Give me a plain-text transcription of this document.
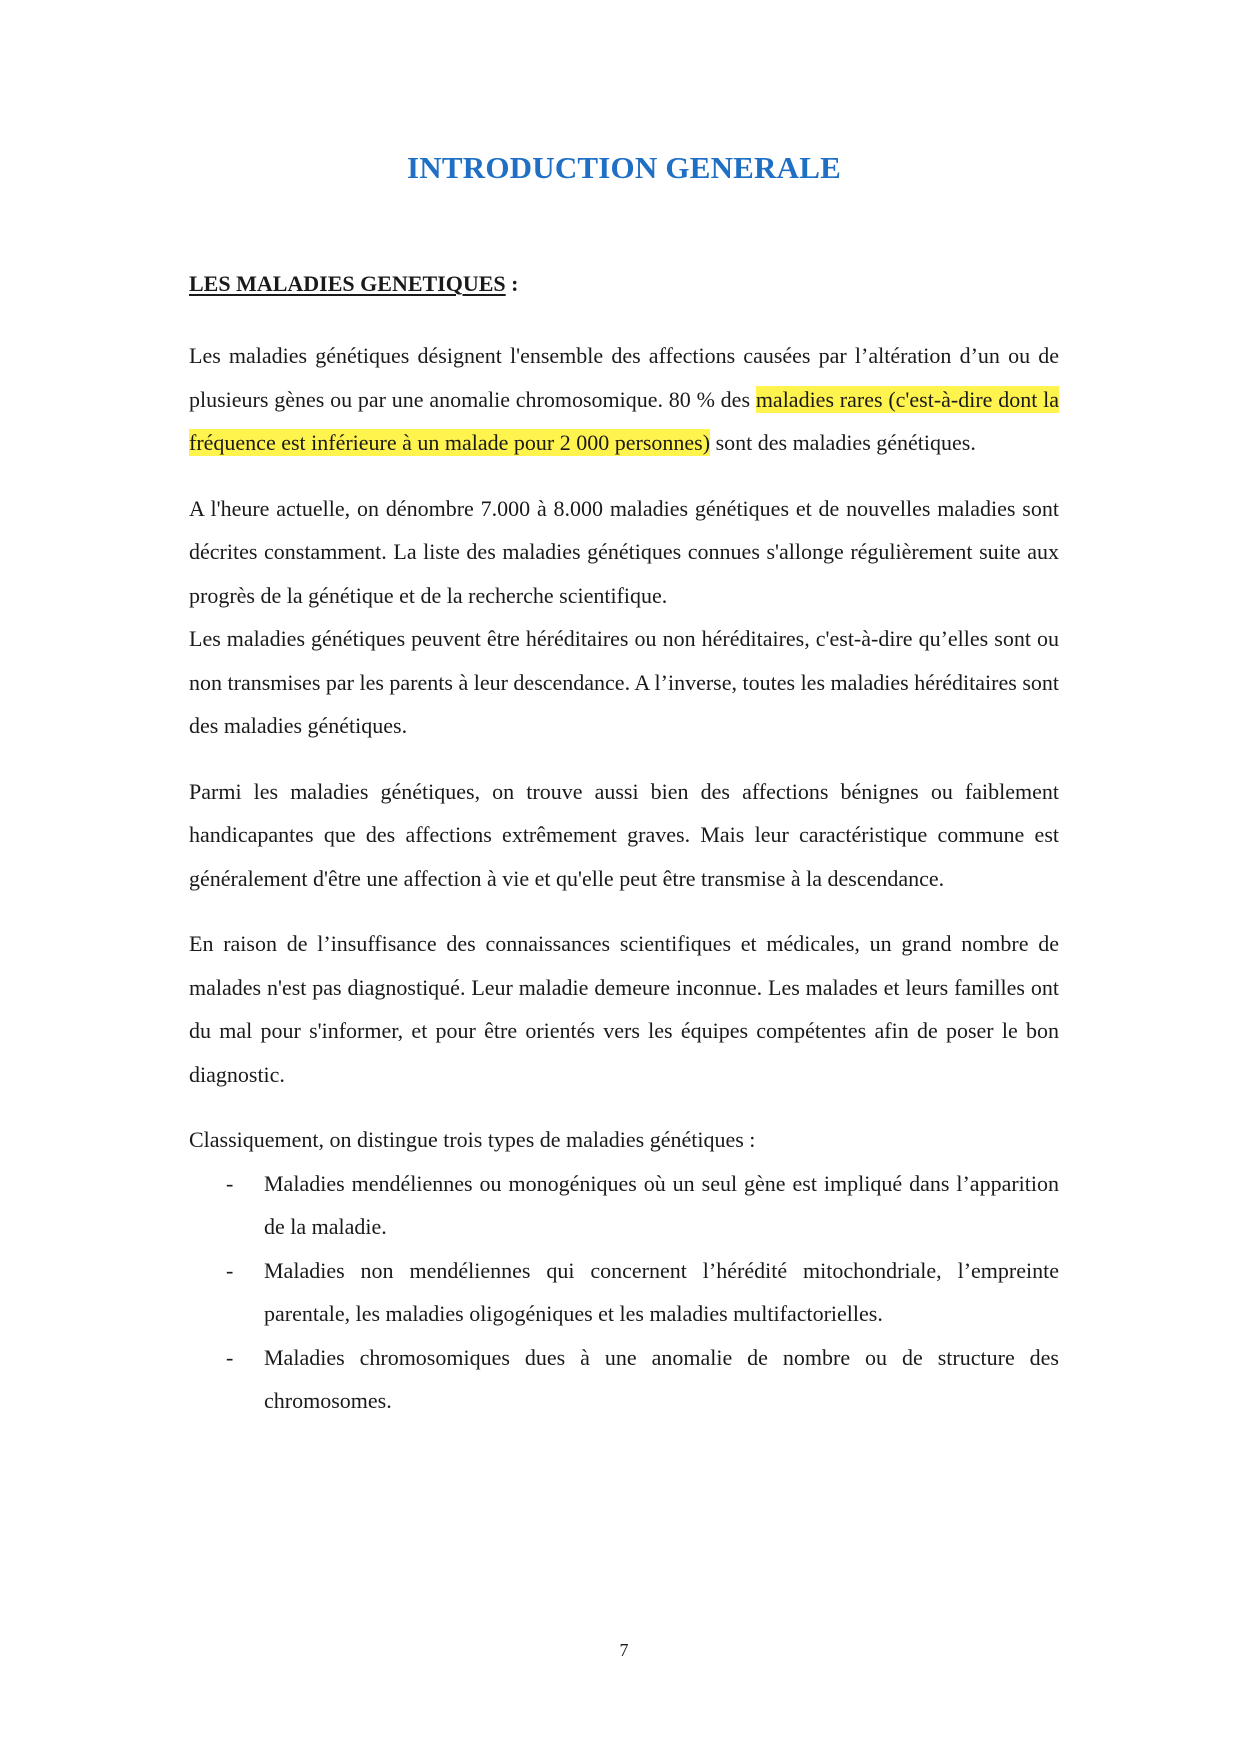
INTRODUCTION GENERALE
LES MALADIES GENETIQUES :

Les maladies génétiques désignent l'ensemble des affections causées par l’altération d’un ou de plusieurs gènes ou par une anomalie chromosomique. 80 % des maladies rares (c'est-à-dire dont la fréquence est inférieure à un malade pour 2 000 personnes) sont des maladies génétiques.

A l'heure actuelle, on dénombre 7.000 à 8.000 maladies génétiques et de nouvelles maladies sont décrites constamment. La liste des maladies génétiques connues s'allonge régulièrement suite aux progrès de la génétique et de la recherche scientifique.

Les maladies génétiques peuvent être héréditaires ou non héréditaires, c'est-à-dire qu’elles sont ou non transmises par les parents à leur descendance. A l’inverse, toutes les maladies héréditaires sont des maladies génétiques.

Parmi les maladies génétiques, on trouve aussi bien des affections bénignes ou faiblement handicapantes que des affections extrêmement graves. Mais leur caractéristique commune est généralement d'être une affection à vie et qu'elle peut être transmise à la descendance.

En raison de l’insuffisance des connaissances scientifiques et médicales, un grand nombre de malades n'est pas diagnostiqué. Leur maladie demeure inconnue. Les malades et leurs familles ont du mal pour s'informer, et pour être orientés vers les équipes compétentes afin de poser le bon diagnostic.

Classiquement, on distingue trois types de maladies génétiques :

- Maladies mendéliennes ou monogéniques où un seul gène est impliqué dans l’apparition de la maladie.
- Maladies non mendéliennes qui concernent l’hérédité mitochondriale, l’empreinte parentale, les maladies oligogéniques et les maladies multifactorielles.
- Maladies chromosomiques dues à une anomalie de nombre ou de structure des chromosomes.
7
